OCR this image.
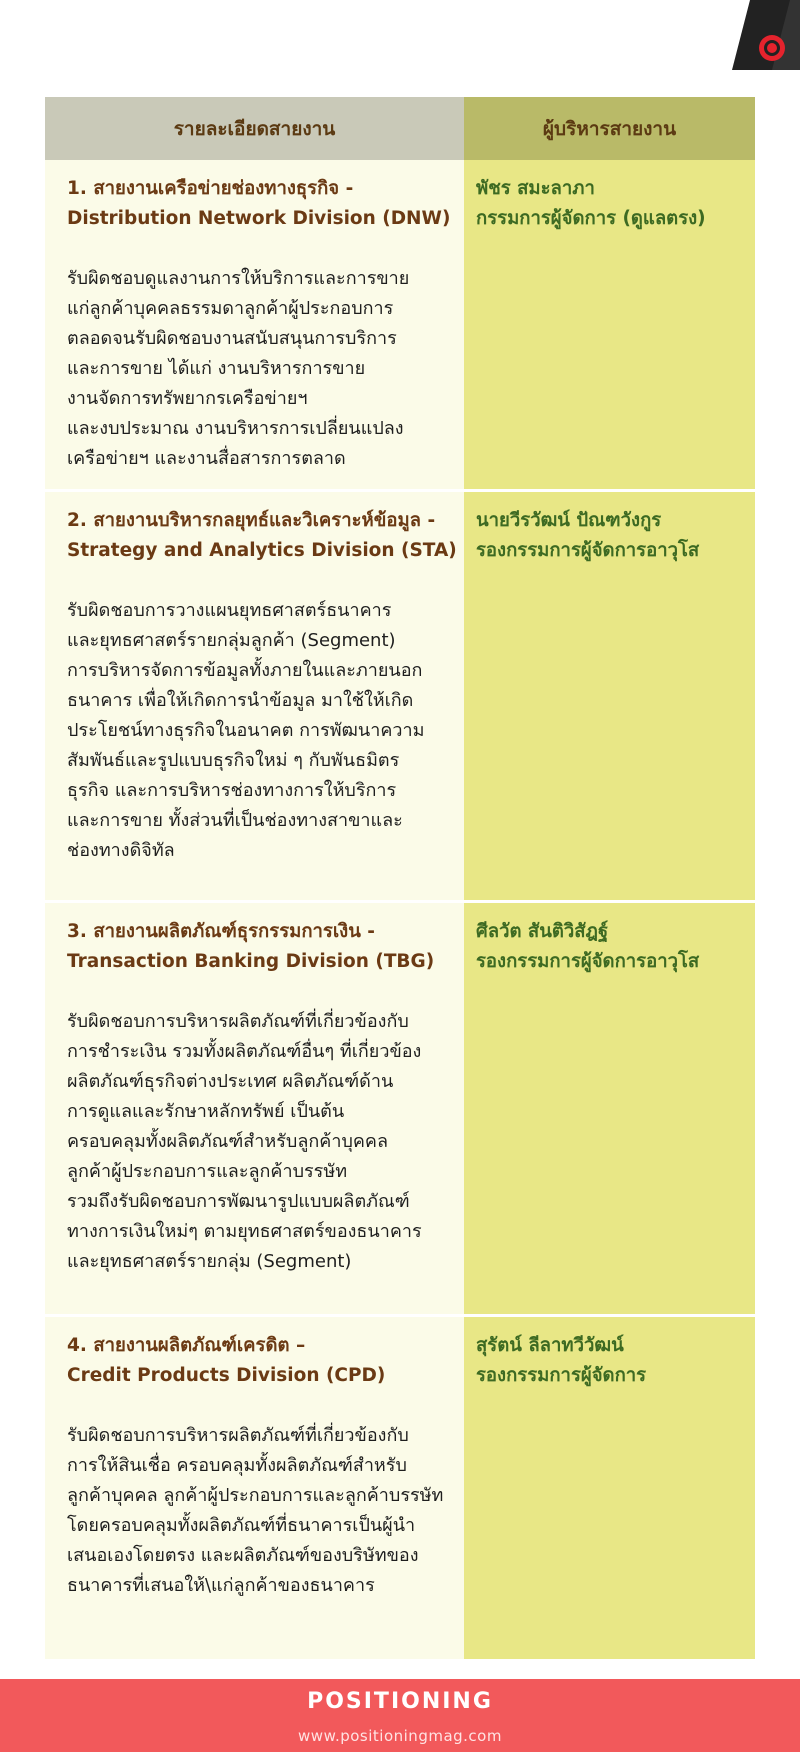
รายละเอียดสายงาน	ผู้บริหารสายงาน
1. สายงานเครือข่ายช่องทางธุรกิจ -
Distribution Network Division (DNW)

รับผิดชอบดูแลงานการให้บริการและการขาย
แก่ลูกค้าบุคคลธรรมดาลูกค้าผู้ประกอบการ
ตลอดจนรับผิดชอบงานสนับสนุนการบริการ
และการขาย ได้แก่ งานบริหารการขาย
งานจัดการทรัพยากรเครือข่ายฯ
และงบประมาณ งานบริหารการเปลี่ยนแปลง
เครือข่ายฯ และงานสื่อสารการตลาด

พัชร สมะลาภา
กรรมการผู้จัดการ (ดูแลตรง)
2. สายงานบริหารกลยุทธ์และวิเคราะห์ข้อมูล -
Strategy and Analytics Division (STA)

รับผิดชอบการวางแผนยุทธศาสตร์ธนาคาร
และยุทธศาสตร์รายกลุ่มลูกค้า (Segment)
การบริหารจัดการข้อมูลทั้งภายในและภายนอก
ธนาคาร เพื่อให้เกิดการนำข้อมูล มาใช้ให้เกิด
ประโยชน์ทางธุรกิจในอนาคต การพัฒนาความ
สัมพันธ์และรูปแบบธุรกิจใหม่ ๆ กับพันธมิตร
ธุรกิจ และการบริหารช่องทางการให้บริการ
และการขาย ทั้งส่วนที่เป็นช่องทางสาขาและ
ช่องทางดิจิทัล

นายวีรวัฒน์ ปัณฑวังกูร
รองกรรมการผู้จัดการอาวุโส
3. สายงานผลิตภัณฑ์ธุรกรรมการเงิน -
Transaction Banking Division (TBG)

รับผิดชอบการบริหารผลิตภัณฑ์ที่เกี่ยวข้องกับ
การชำระเงิน รวมทั้งผลิตภัณฑ์อื่นๆ ที่เกี่ยวข้อง
ผลิตภัณฑ์ธุรกิจต่างประเทศ ผลิตภัณฑ์ด้าน
การดูแลและรักษาหลักทรัพย์ เป็นต้น
ครอบคลุมทั้งผลิตภัณฑ์สำหรับลูกค้าบุคคล
ลูกค้าผู้ประกอบการและลูกค้าบรรษัท
รวมถึงรับผิดชอบการพัฒนารูปแบบผลิตภัณฑ์
ทางการเงินใหม่ๆ ตามยุทธศาสตร์ของธนาคาร
และยุทธศาสตร์รายกลุ่ม (Segment)

ศีลวัต สันติวิสัฎฐ์
รองกรรมการผู้จัดการอาวุโส
4. สายงานผลิตภัณฑ์เครดิต –
Credit Products Division (CPD)

รับผิดชอบการบริหารผลิตภัณฑ์ที่เกี่ยวข้องกับ
การให้สินเชื่อ ครอบคลุมทั้งผลิตภัณฑ์สำหรับ
ลูกค้าบุคคล ลูกค้าผู้ประกอบการและลูกค้าบรรษัท
โดยครอบคลุมทั้งผลิตภัณฑ์ที่ธนาคารเป็นผู้นำ
เสนอเองโดยตรง และผลิตภัณฑ์ของบริษัทของ
ธนาคารที่เสนอให้\แก่ลูกค้าของธนาคาร

สุรัตน์ ลีลาทวีวัฒน์
รองกรรมการผู้จัดการ
POSITIONING
www.positioningmag.com
